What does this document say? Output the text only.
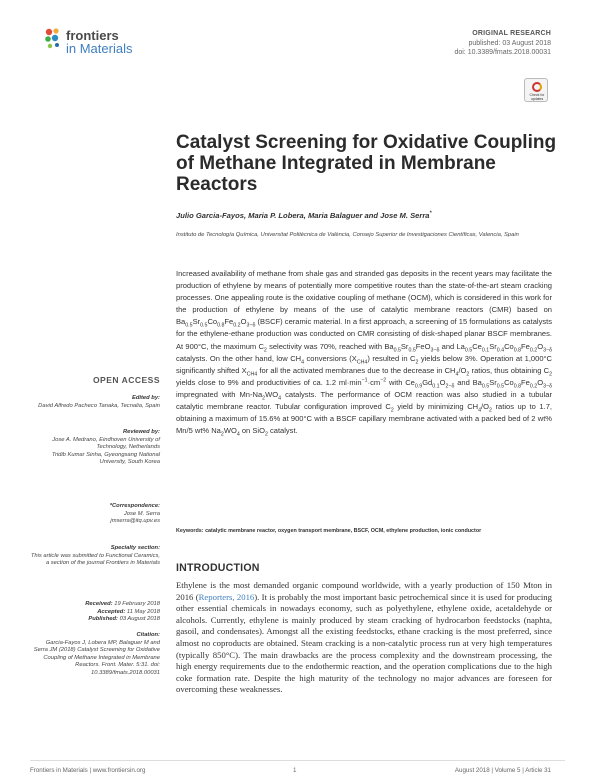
frontiers
in Materials
ORIGINAL RESEARCH
published: 03 August 2018
doi: 10.3389/fmats.2018.00031
Check for updates
Catalyst Screening for Oxidative Coupling of Methane Integrated in Membrane Reactors
Julio Garcia-Fayos, Maria P. Lobera, Maria Balaguer and Jose M. Serra*
Instituto de Tecnología Química, Universitat Politècnica de València, Consejo Superior de Investigaciones Científicas, Valencia, Spain
Increased availability of methane from shale gas and stranded gas deposits in the recent years may facilitate the production of ethylene by means of potentially more competitive routes than the state-of-the-art steam cracking processes. One appealing route is the oxidative coupling of methane (OCM), which is considered in this work for the production of ethylene by means of the use of catalytic membrane reactors (CMR) based on $Ba_{0.5}Sr_{0.5}Co_{0.8}Fe_{0.2}O_{3-\delta}$ (BSCF) ceramic material. In a first approach, a screening of 15 formulations as catalysts for the ethylene-ethane production was conducted on CMR consisting of disk-shaped planar BSCF membranes. At 900°C, the maximum $C_2$ selectivity was 70%, reached with $Ba_{0.5}Sr_{0.5}FeO_{3-\delta}$ and $La_{0.5}Ce_{0.1}Sr_{0.4}Co_{0.8}Fe_{0.2}O_{3-\delta}$ catalysts. On the other hand, low $CH_4$ conversions $(X_{CH4})$ resulted in $C_2$ yields below 3%. Operation at 1,000°C significantly shifted $X_{CH4}$ for all the activated membranes due to the decrease in $CH_4/O_2$ ratios, thus obtaining $C_2$ yields close to 9% and productivities of ca. 1.2 $ml\cdot\min^{-1}\cdot cm^{-2}$ with $Ce_{0.9}Gd_{0.1}O_{2-\delta}$ and $Ba_{0.5}Sr_{0.5}Co_{0.8}Fe_{0.2}O_{3-\delta}$ impregnated with $Mn-Na_2WO_4$ catalysts. The performance of OCM reaction was also studied in a tubular catalytic membrane reactor. Tubular configuration improved $C_2$ yield by minimizing $CH_4/O_2$ ratios up to 1.7, obtaining a maximum of 15.6% at 900°C with a BSCF capillary membrane activated with a packed bed of 2 wt% Mn/5 wt% $Na_2WO_4$ on SiO$_2$ catalyst.
Keywords: catalytic membrane reactor, oxygen transport membrane, BSCF, OCM, ethylene production, ionic conductor
OPEN ACCESS

Edited by:

David Alfredo Pacheco Tanaka, Tecnalia, Spain

Reviewed by:

Jose A. Medrano, Eindhoven University of Technology, Netherlands

Tridib Kumar Sinha, Gyeongsang National University, South Korea

*Correspondence:

Jose M. Serra

jmserra@itq.upv.es

Specialty section:

This article was submitted to Functional Ceramics, a section of the journal Frontiers in Materials

Received: 19 February 2018

Accepted: 11 May 2018

Published: 03 August 2018

Citation:

Garcia-Fayos J, Lobera MP, Balaguer M and Serra JM (2018) Catalyst Screening for Oxidative Coupling of Methane Integrated in Membrane Reactors. Front. Mater. 5:31. doi: 10.3389/fmats.2018.00031

INTRODUCTION
Ethylene is the most demanded organic compound worldwide, with a yearly production of 150 Mton in 2016 (Reporters, 2016). It is probably the most important basic petrochemical since it is used for producing other essential chemicals in nowadays economy, such as polyethylene, ethylene oxide, acetaldehyde or alcohols. Currently, ethylene is mainly produced by steam cracking of hydrocarbon feedstocks (naphta, gasoil, and condensates). Amongst all the existing feedstocks, ethane cracking is the most preferred, since almost no coproducts are obtained. Steam cracking is a non-catalytic process run at very high temperatures (typically 850°C). The main drawbacks are the process complexity and the downstream processing, the high energy requirements due to the endothermic reaction, and the operation complications due to the high coke formation rate. Despite the high maturity of the technology no major advances are foreseen for overcoming these weaknesses.
Frontiers in Materials | www.frontiersin.org	1	August 2018 | Volume 5 | Article 31
